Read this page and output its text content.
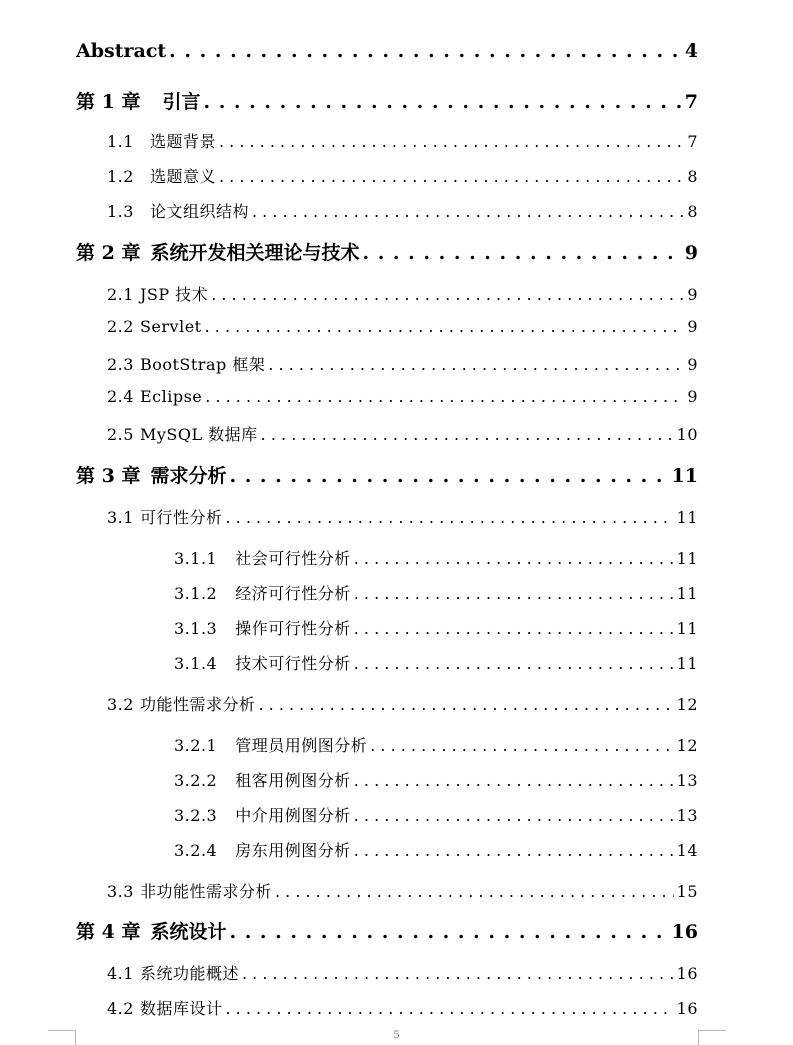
Abstract . . .	4
第 1 章 引言 . . .	7
1.1 选题背景 . . .	7
1.2 选题意义 . . .	8
1.3 论文组织结构 . . .	8
第 2 章 系统开发相关理论与技术 . . .	9
2.1 JSP 技术 . . .	9
2.2 Servlet . . .	9
2.3 BootStrap 框架 . . .	9
2.4 Eclipse . . .	9
2.5 MySQL 数据库 . . .	10
第 3 章 需求分析 . . .	11
3.1 可行性分析 . . .	11
3.1.1 社会可行性分析 . . .	11
3.1.2 经济可行性分析 . . .	11
3.1.3 操作可行性分析 . . .	11
3.1.4 技术可行性分析 . . .	11
3.2 功能性需求分析 . . .	12
3.2.1 管理员用例图分析 . . .	12
3.2.2 租客用例图分析 . . .	13
3.2.3 中介用例图分析 . . .	13
3.2.4 房东用例图分析 . . .	14
3.3 非功能性需求分析 . . .	15
第 4 章 系统设计 . . .	16
4.1 系统功能概述 . . .	16
4.2 数据库设计 . . .	16
5
